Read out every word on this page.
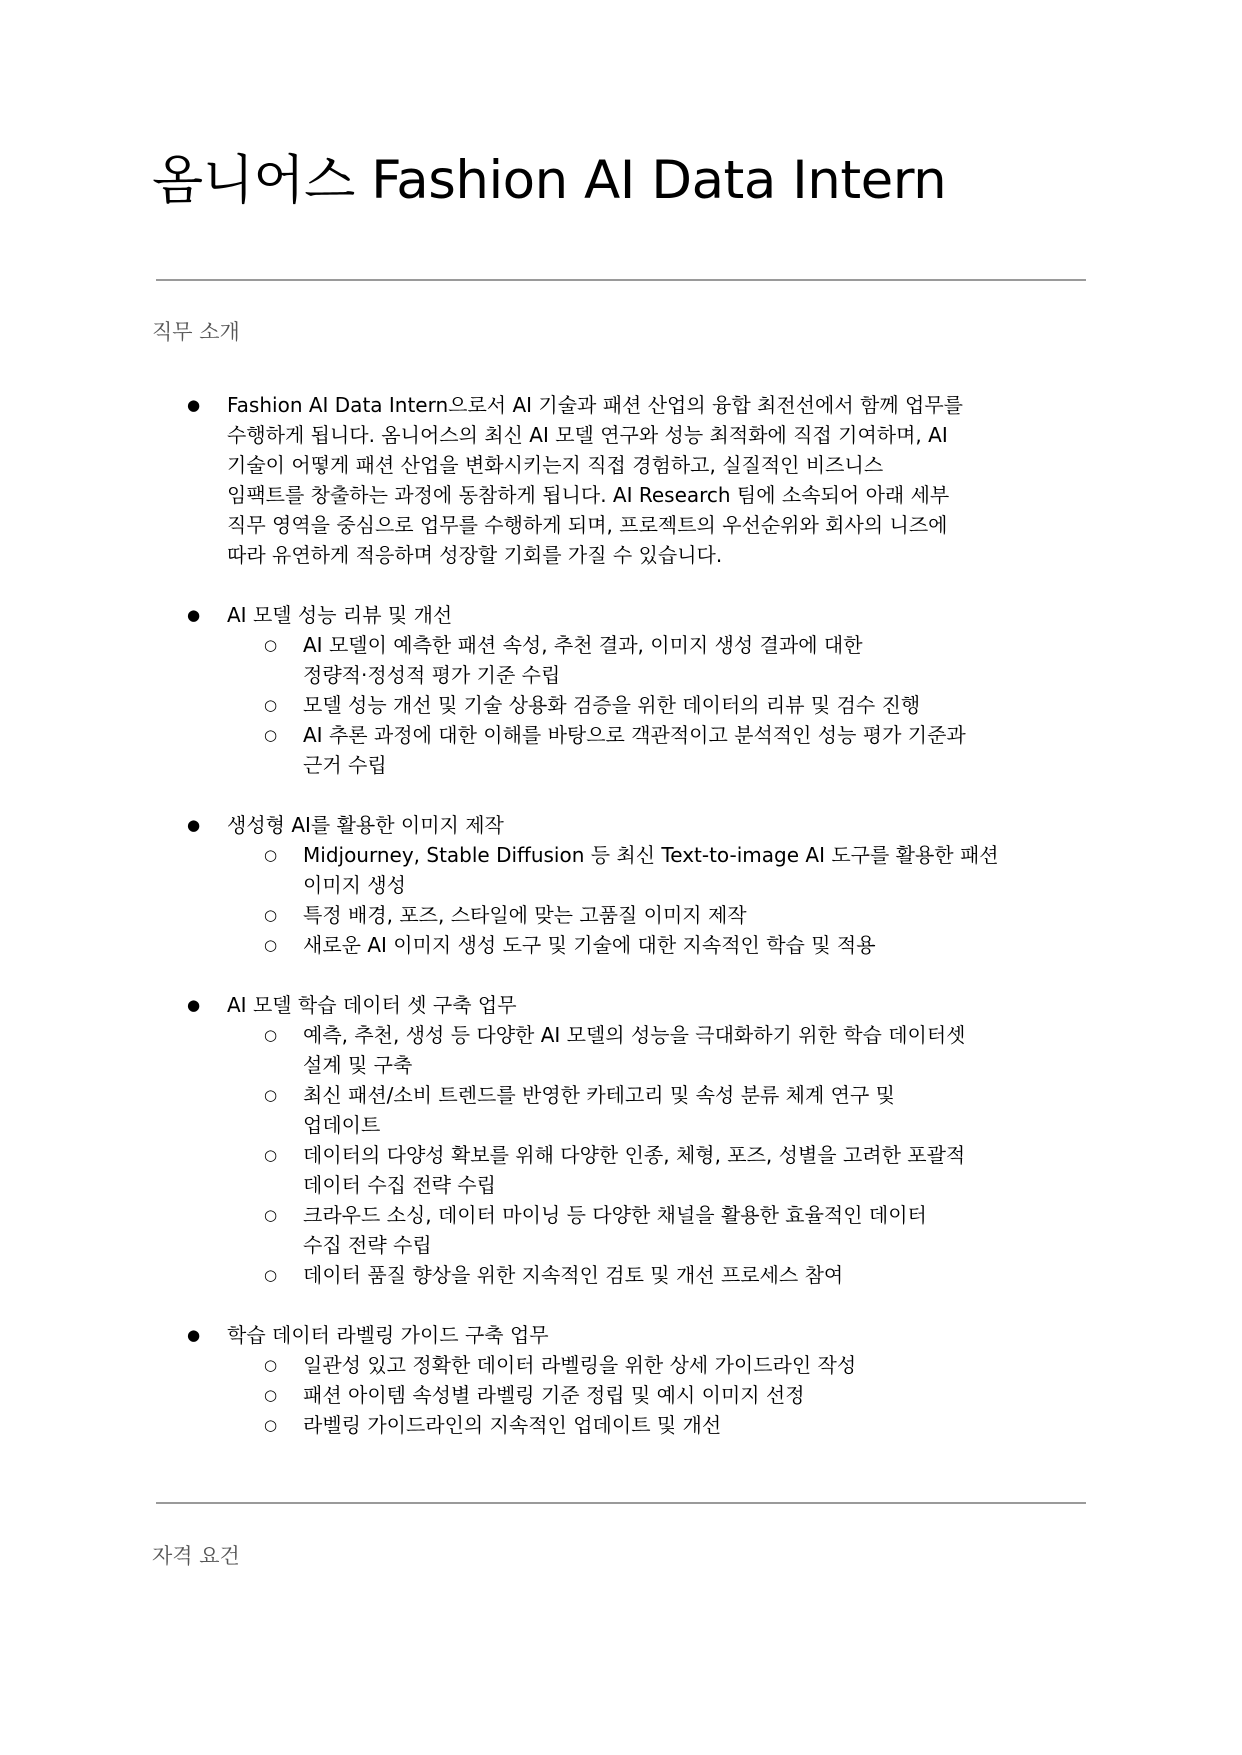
옴니어스 Fashion AI Data Intern
직무 소개
●	Fashion AI Data Intern으로서 AI 기술과 패션 산업의 융합 최전선에서 함께 업무를
수행하게 됩니다. 옴니어스의 최신 AI 모델 연구와 성능 최적화에 직접 기여하며, AI
기술이 어떻게 패션 산업을 변화시키는지 직접 경험하고, 실질적인 비즈니스
임팩트를 창출하는 과정에 동참하게 됩니다. AI Research 팀에 소속되어 아래 세부
직무 영역을 중심으로 업무를 수행하게 되며, 프로젝트의 우선순위와 회사의 니즈에
따라 유연하게 적응하며 성장할 기회를 가질 수 있습니다.
●	AI 모델 성능 리뷰 및 개선
○	AI 모델이 예측한 패션 속성, 추천 결과, 이미지 생성 결과에 대한
정량적·정성적 평가 기준 수립
○	모델 성능 개선 및 기술 상용화 검증을 위한 데이터의 리뷰 및 검수 진행
○	AI 추론 과정에 대한 이해를 바탕으로 객관적이고 분석적인 성능 평가 기준과
근거 수립
●	생성형 AI를 활용한 이미지 제작
○	Midjourney, Stable Diffusion 등 최신 Text-to-image AI 도구를 활용한 패션
이미지 생성
○	특정 배경, 포즈, 스타일에 맞는 고품질 이미지 제작
○	새로운 AI 이미지 생성 도구 및 기술에 대한 지속적인 학습 및 적용
●	AI 모델 학습 데이터 셋 구축 업무
○	예측, 추천, 생성 등 다양한 AI 모델의 성능을 극대화하기 위한 학습 데이터셋
설계 및 구축
○	최신 패션/소비 트렌드를 반영한 카테고리 및 속성 분류 체계 연구 및
업데이트
○	데이터의 다양성 확보를 위해 다양한 인종, 체형, 포즈, 성별을 고려한 포괄적
데이터 수집 전략 수립
○	크라우드 소싱, 데이터 마이닝 등 다양한 채널을 활용한 효율적인 데이터
수집 전략 수립
○	데이터 품질 향상을 위한 지속적인 검토 및 개선 프로세스 참여
●	학습 데이터 라벨링 가이드 구축 업무
○	일관성 있고 정확한 데이터 라벨링을 위한 상세 가이드라인 작성
○	패션 아이템 속성별 라벨링 기준 정립 및 예시 이미지 선정
○	라벨링 가이드라인의 지속적인 업데이트 및 개선
자격 요건
